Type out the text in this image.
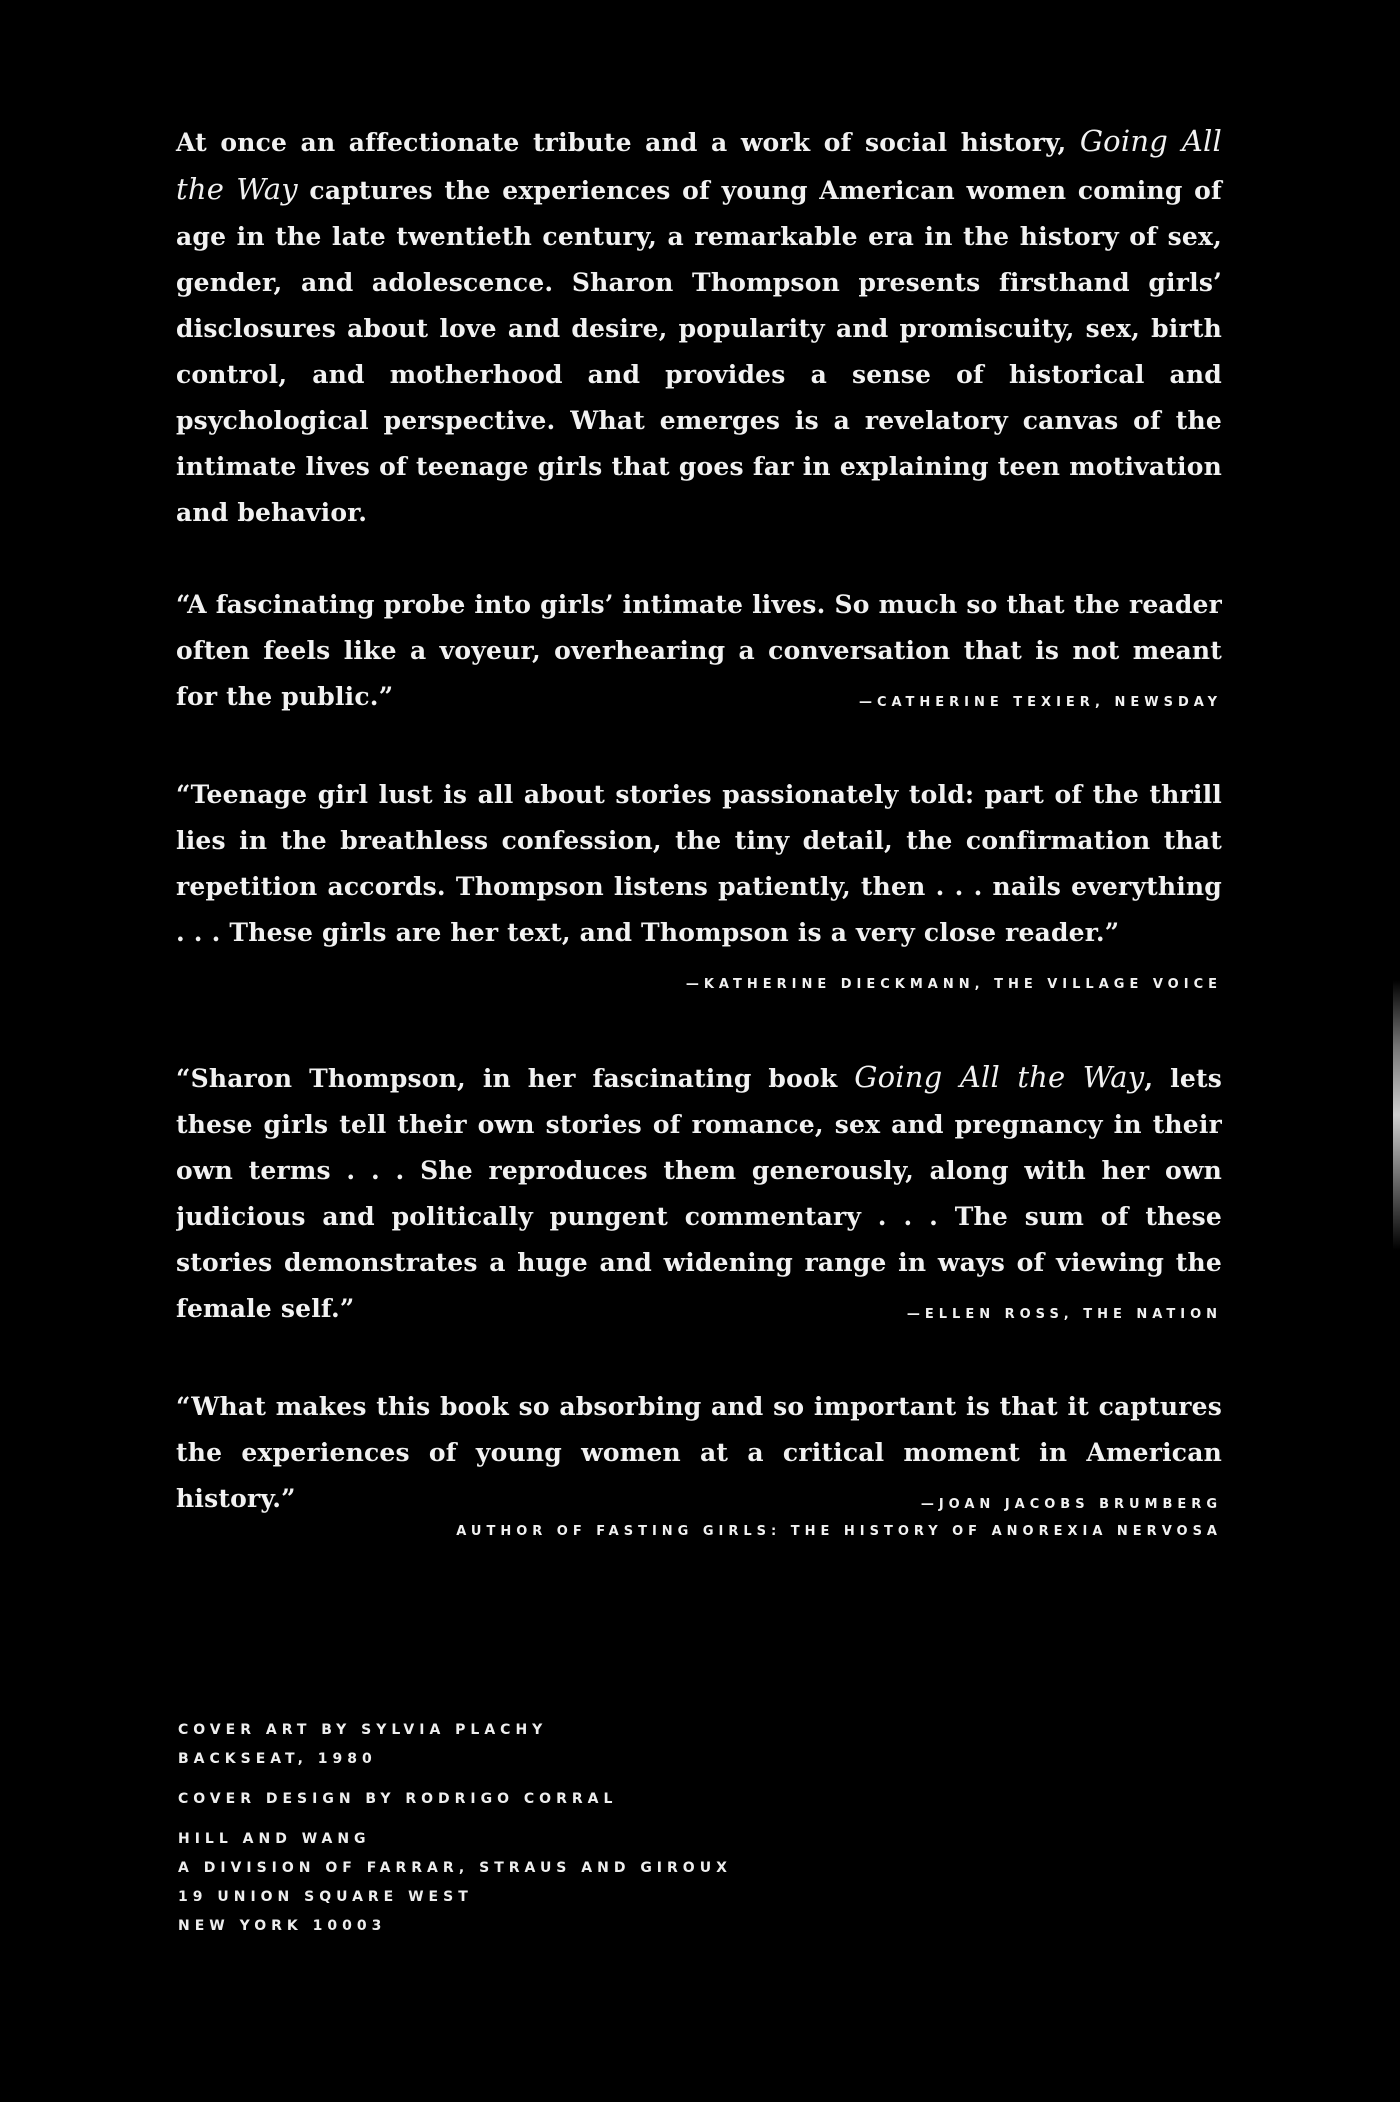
At once an affectionate tribute and a work of social history, Going All the Way captures the experiences of young American women coming of age in the late twentieth century, a remarkable era in the history of sex, gender, and adolescence. Sharon Thompson presents firsthand girls’ disclosures about love and desire, popularity and promiscuity, sex, birth control, and motherhood and provides a sense of historical and psychological perspective. What emerges is a revelatory canvas of the intimate lives of teenage girls that goes far in explaining teen motivation and behavior.

“A fascinating probe into girls’ intimate lives. So much so that the reader often feels like a voyeur, overhearing a conversation that is not meant for the public.”	—CATHERINE TEXIER, NEWSDAY
“Teenage girl lust is all about stories passionately told: part of the thrill lies in the breathless confession, the tiny detail, the confirmation that repetition accords. Thompson listens patiently, then . . . nails everything . . . These girls are her text, and Thompson is a very close reader.”
—KATHERINE DIECKMANN, THE VILLAGE VOICE
“Sharon Thompson, in her fascinating book Going All the Way, lets these girls tell their own stories of romance, sex and pregnancy in their own terms . . . She reproduces them generously, along with her own judicious and politically pungent commentary . . . The sum of these stories demonstrates a huge and widening range in ways of viewing the female self.”	—ELLEN ROSS, THE NATION
“What makes this book so absorbing and so important is that it captures the experiences of young women at a critical moment in American history.”	—JOAN JACOBS BRUMBERG
AUTHOR OF FASTING GIRLS: THE HISTORY OF ANOREXIA NERVOSA
COVER ART BY SYLVIA PLACHY
BACKSEAT, 1980
COVER DESIGN BY RODRIGO CORRAL
HILL AND WANG
A DIVISION OF FARRAR, STRAUS AND GIROUX
19 UNION SQUARE WEST
NEW YORK 10003
